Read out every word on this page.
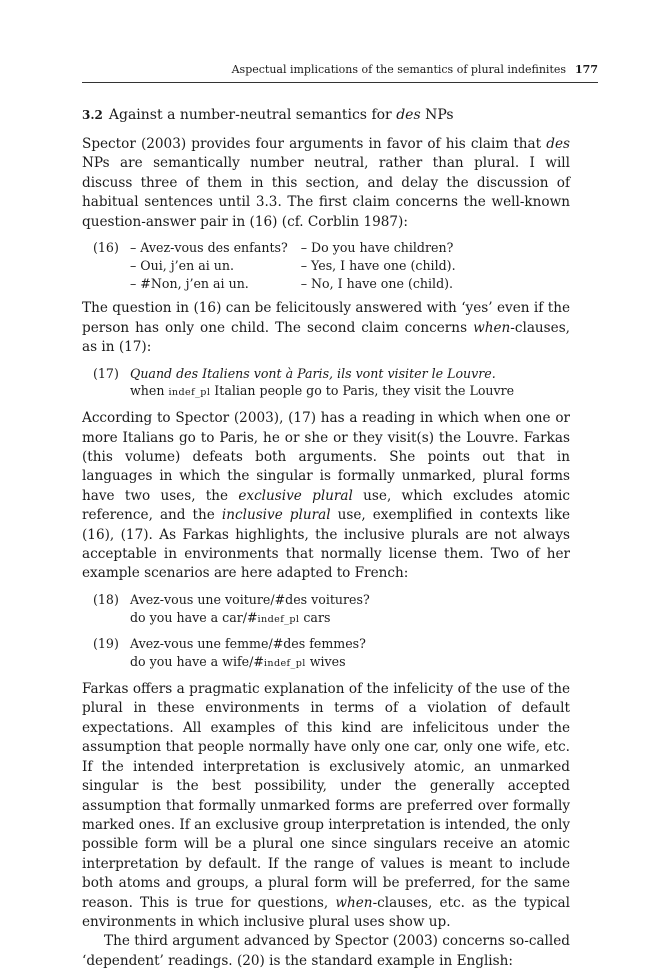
Aspectual implications of the semantics of plural indefinites 177
3.2 Against a number-neutral semantics for des NPs

Spector (2003) provides four arguments in favor of his claim that des NPs are semantically number neutral, rather than plural. I will discuss three of them in this section, and delay the discussion of habitual sentences until 3.3. The first claim concerns the well-known question-answer pair in (16) (cf. Corblin 1987):

(16) – Avez-vous des enfants?	– Do you have children?
– Oui, j’en ai un.	– Yes, I have one (child).
– #Non, j’en ai un.	– No, I have one (child).

The question in (16) can be felicitously answered with ‘yes’ even if the person has only one child. The second claim concerns when-clauses, as in (17):

(17) Quand des Italiens vont à Paris, ils vont visiter le Louvre.
when indef_pl Italian people go to Paris, they visit the Louvre

According to Spector (2003), (17) has a reading in which when one or more Italians go to Paris, he or she or they visit(s) the Louvre. Farkas (this volume) defeats both arguments. She points out that in languages in which the singular is formally unmarked, plural forms have two uses, the exclusive plural use, which excludes atomic reference, and the inclusive plural use, exemplified in contexts like (16), (17). As Farkas highlights, the inclusive plurals are not always acceptable in environments that normally license them. Two of her example scenarios are here adapted to French:

(18) Avez-vous une voiture/#des voitures?
do you have a car/#indef_pl cars
(19) Avez-vous une femme/#des femmes?
do you have a wife/#indef_pl wives

Farkas offers a pragmatic explanation of the infelicity of the use of the plural in these environments in terms of a violation of default expectations. All examples of this kind are infelicitous under the assumption that people normally have only one car, only one wife, etc. If the intended interpretation is exclusively atomic, an unmarked singular is the best possibility, under the generally accepted assumption that formally unmarked forms are preferred over formally marked ones. If an exclusive group interpretation is intended, the only possible form will be a plural one since singulars receive an atomic interpretation by default. If the range of values is meant to include both atoms and groups, a plural form will be preferred, for the same reason. This is true for questions, when-clauses, etc. as the typical environments in which inclusive plural uses show up.

The third argument advanced by Spector (2003) concerns so-called ‘dependent’ readings. (20) is the standard example in English:
